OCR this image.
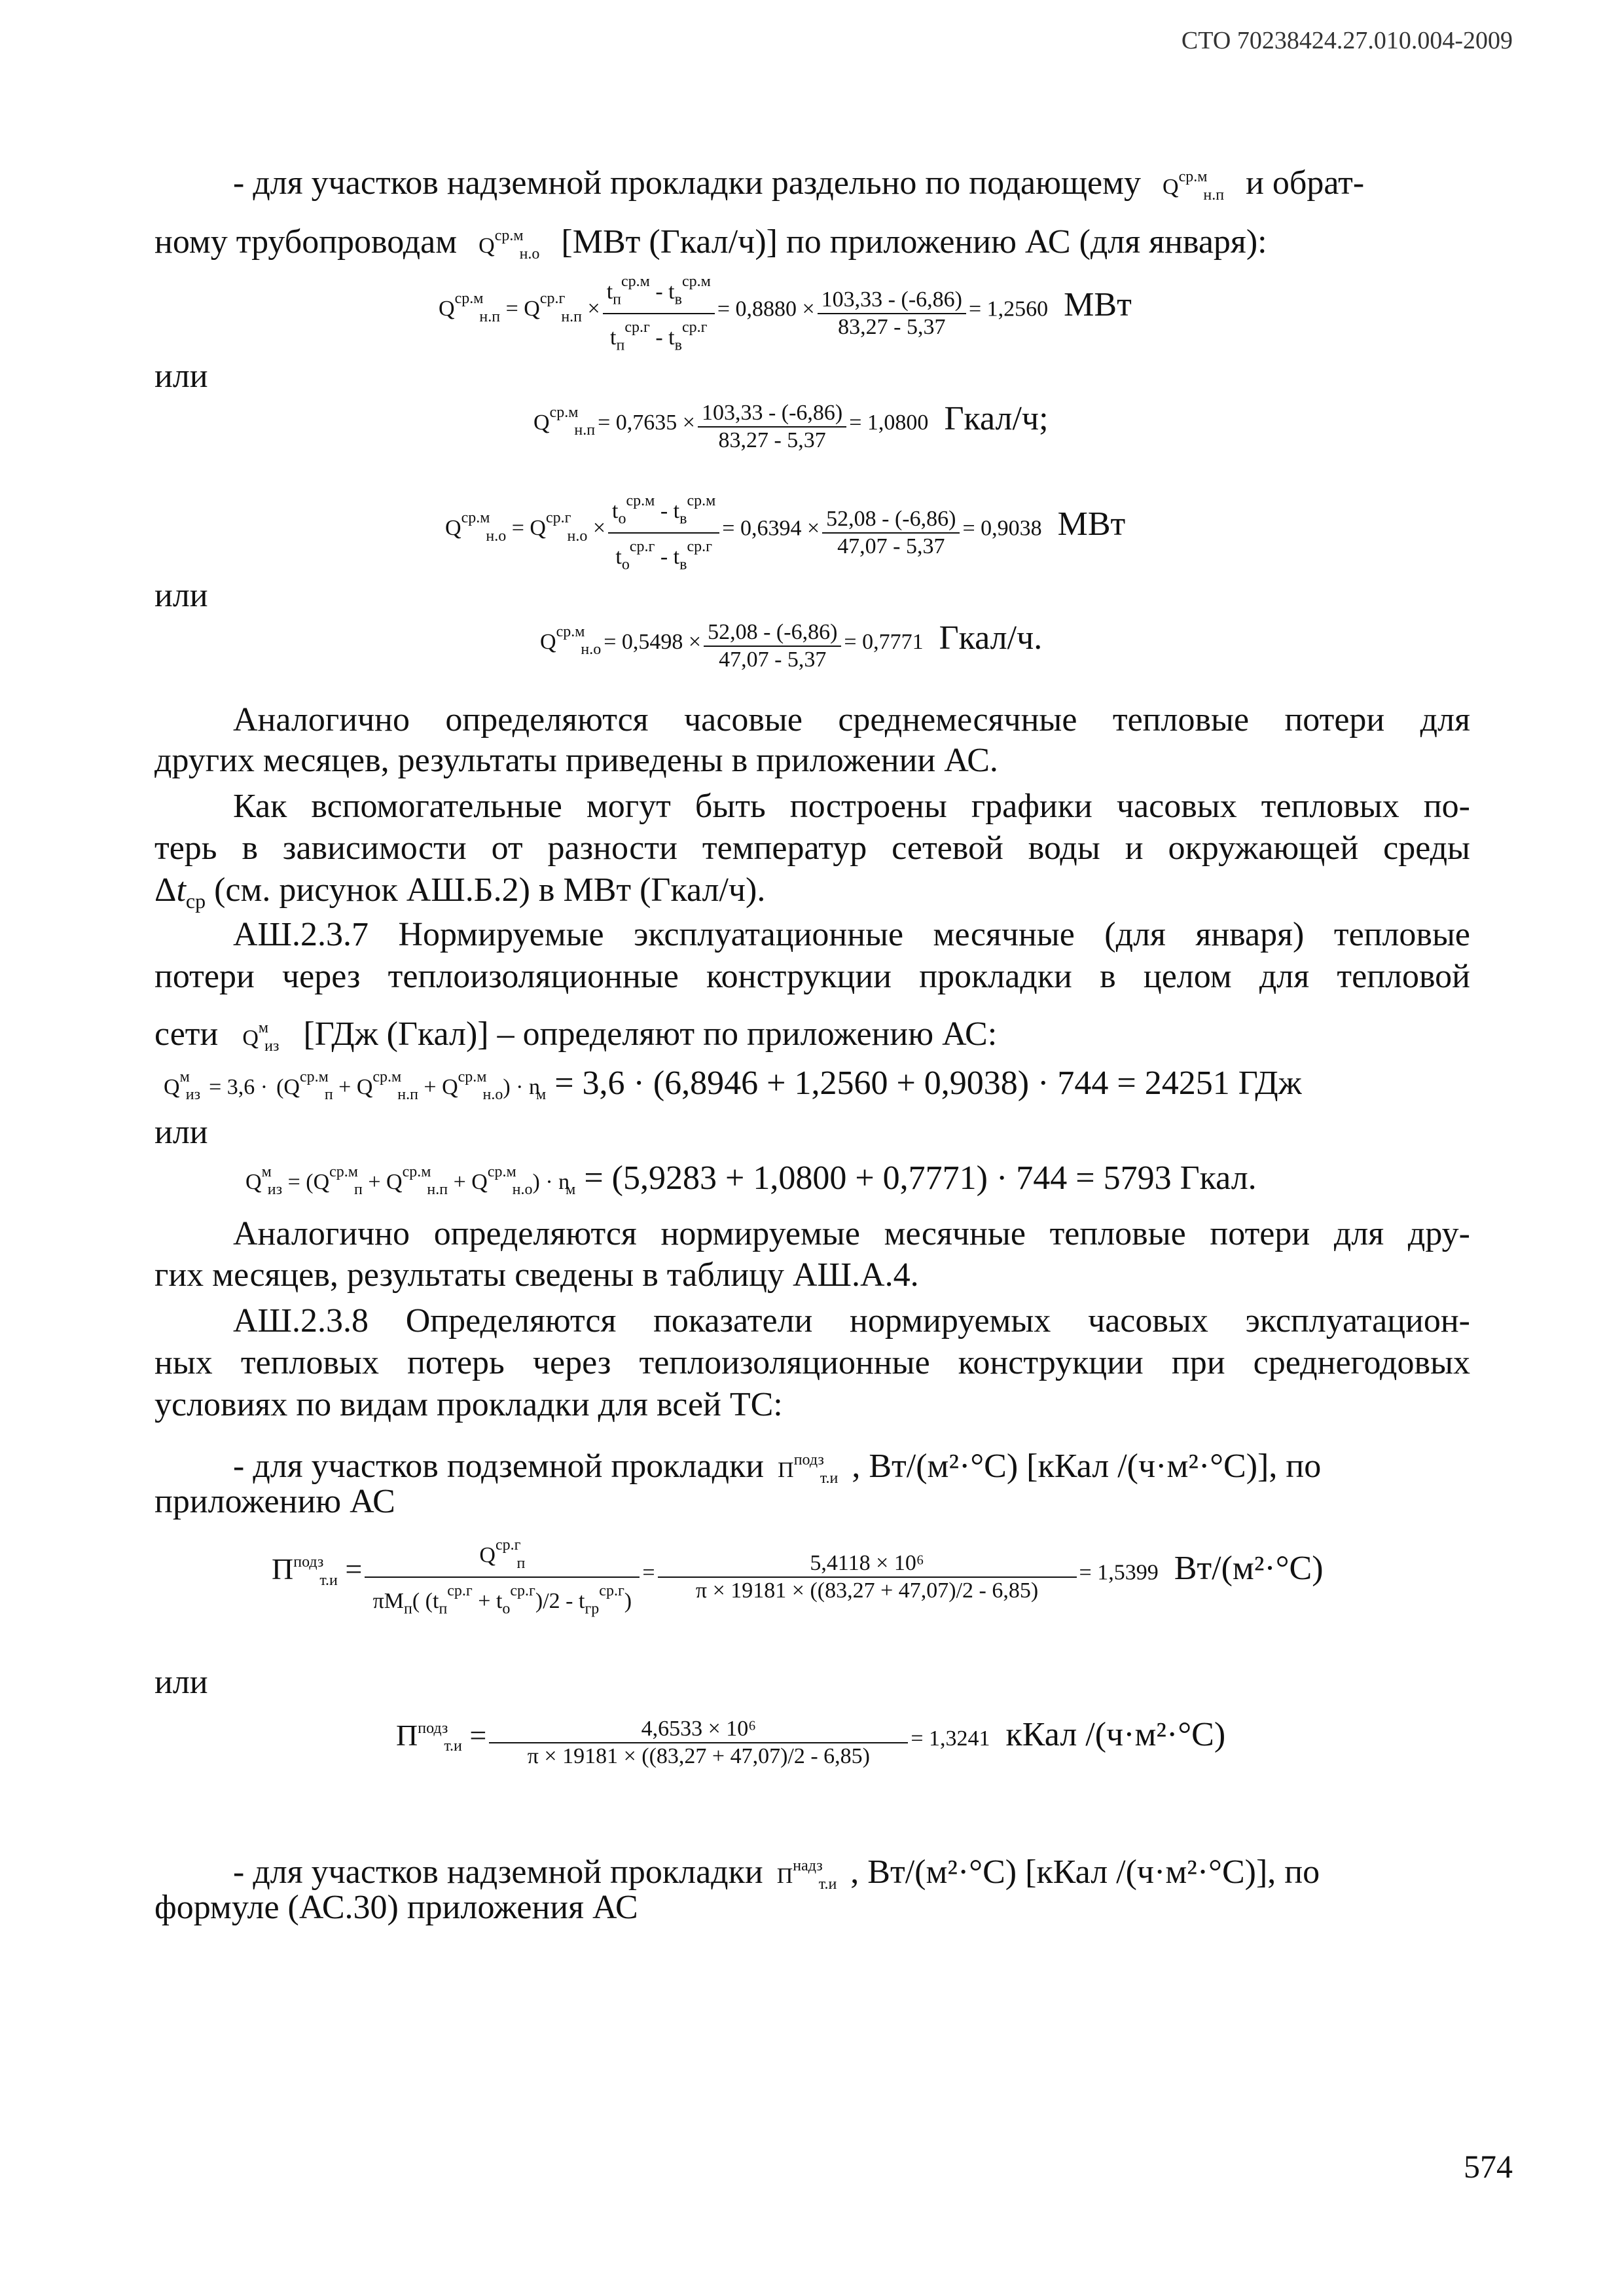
СТО 70238424.27.010.004-2009
- для участков надземной прокладки раздельно по подающему $Q^{ср.м}_{н.п}$ и обрат-
ному трубопроводам $Q^{ср.м}_{н.о}$ [МВт (Гкал/ч)] по приложению АС (для января):
$Q^{ср.м}_{н.п} = Q^{ср.г}_{н.п} \times \frac{t_п^{ср.м} - t_в^{ср.м}}{t_п^{ср.г} - t_в^{ср.г}} = 0,8880 \times \frac{103,33 - (-6,86)}{83,27 - 5,37} = 1,2560$ МВт
или
$Q^{ср.м}_{н.п} = 0,7635 \times \frac{103,33 - (-6,86)}{83,27 - 5,37} = 1,0800$ Гкал/ч;
$Q^{ср.м}_{н.о} = Q^{ср.г}_{н.о} \times \frac{t_о^{ср.м} - t_в^{ср.м}}{t_о^{ср.г} - t_в^{ср.г}} = 0,6394 \times \frac{52,08 - (-6,86)}{47,07 - 5,37} = 0,9038$ МВт
или
$Q^{ср.м}_{н.о} = 0,5498 \times \frac{52,08 - (-6,86)}{47,07 - 5,37} = 0,7771$ Гкал/ч.
Аналогично определяются часовые среднемесячные тепловые потери для
других месяцев, результаты приведены в приложении АС.
Как вспомогательные могут быть построены графики часовых тепловых по-
терь в зависимости от разности температур сетевой воды и окружающей среды
$\Delta t_{ср}$ (см. рисунок АШ.Б.2) в МВт (Гкал/ч).
АШ.2.3.7 Нормируемые эксплуатационные месячные (для января) тепловые
потери через теплоизоляционные конструкции прокладки в целом для тепловой
сети $Q^м_{из}$ [ГДж (Гкал)] – определяют по приложению АС:
$Q^м_{из} = 3,6 \cdot (Q^{ср.м}_п + Q^{ср.м}_{н.п} + Q^{ср.м}_{н.о}) \cdot n_м = 3,6 \cdot (6,8946 + 1,2560 + 0,9038) \cdot 744 = 24251$ ГДж
или
$Q^м_{из} = (Q^{ср.м}_п + Q^{ср.м}_{н.п} + Q^{ср.м}_{н.о}) \cdot n_м = (5,9283 + 1,0800 + 0,7771) \cdot 744 = 5793$ Гкал.
Аналогично определяются нормируемые месячные тепловые потери для дру-
гих месяцев, результаты сведены в таблицу АШ.А.4.
АШ.2.3.8 Определяются показатели нормируемых часовых эксплуатацион-
ных тепловых потерь через теплоизоляционные конструкции при среднегодовых
условиях по видам прокладки для всей ТС:
- для участков подземной прокладки $П^{подз}_{т.и}$ , Вт/(м²·°С) [кКал /(ч·м²·°С)], по
приложению АС
$П^{подз}_{т.и} = \frac{Q^{ср.г}_п}{\pi M_п( (t_п^{ср.г} + t_о^{ср.г})/2 - t_{гр}^{ср.г})} = \frac{\text{5,4118 × 10⁶}}{\pi \times 19181 \times ((83,27 + 47,07)/2 - 6,85)} = 1,5399$ Вт/(м²·°С)
или
$П^{подз}_{т.и} = \frac{\text{4,6533 × 10⁶}}{\pi \times 19181 \times ((83,27 + 47,07)/2 - 6,85)} = 1,3241$ кКал /(ч·м²·°С)
- для участков надземной прокладки $П^{надз}_{т.и}$ , Вт/(м²·°С) [кКал /(ч·м²·°С)], по
формуле (АС.30) приложения АС
574
